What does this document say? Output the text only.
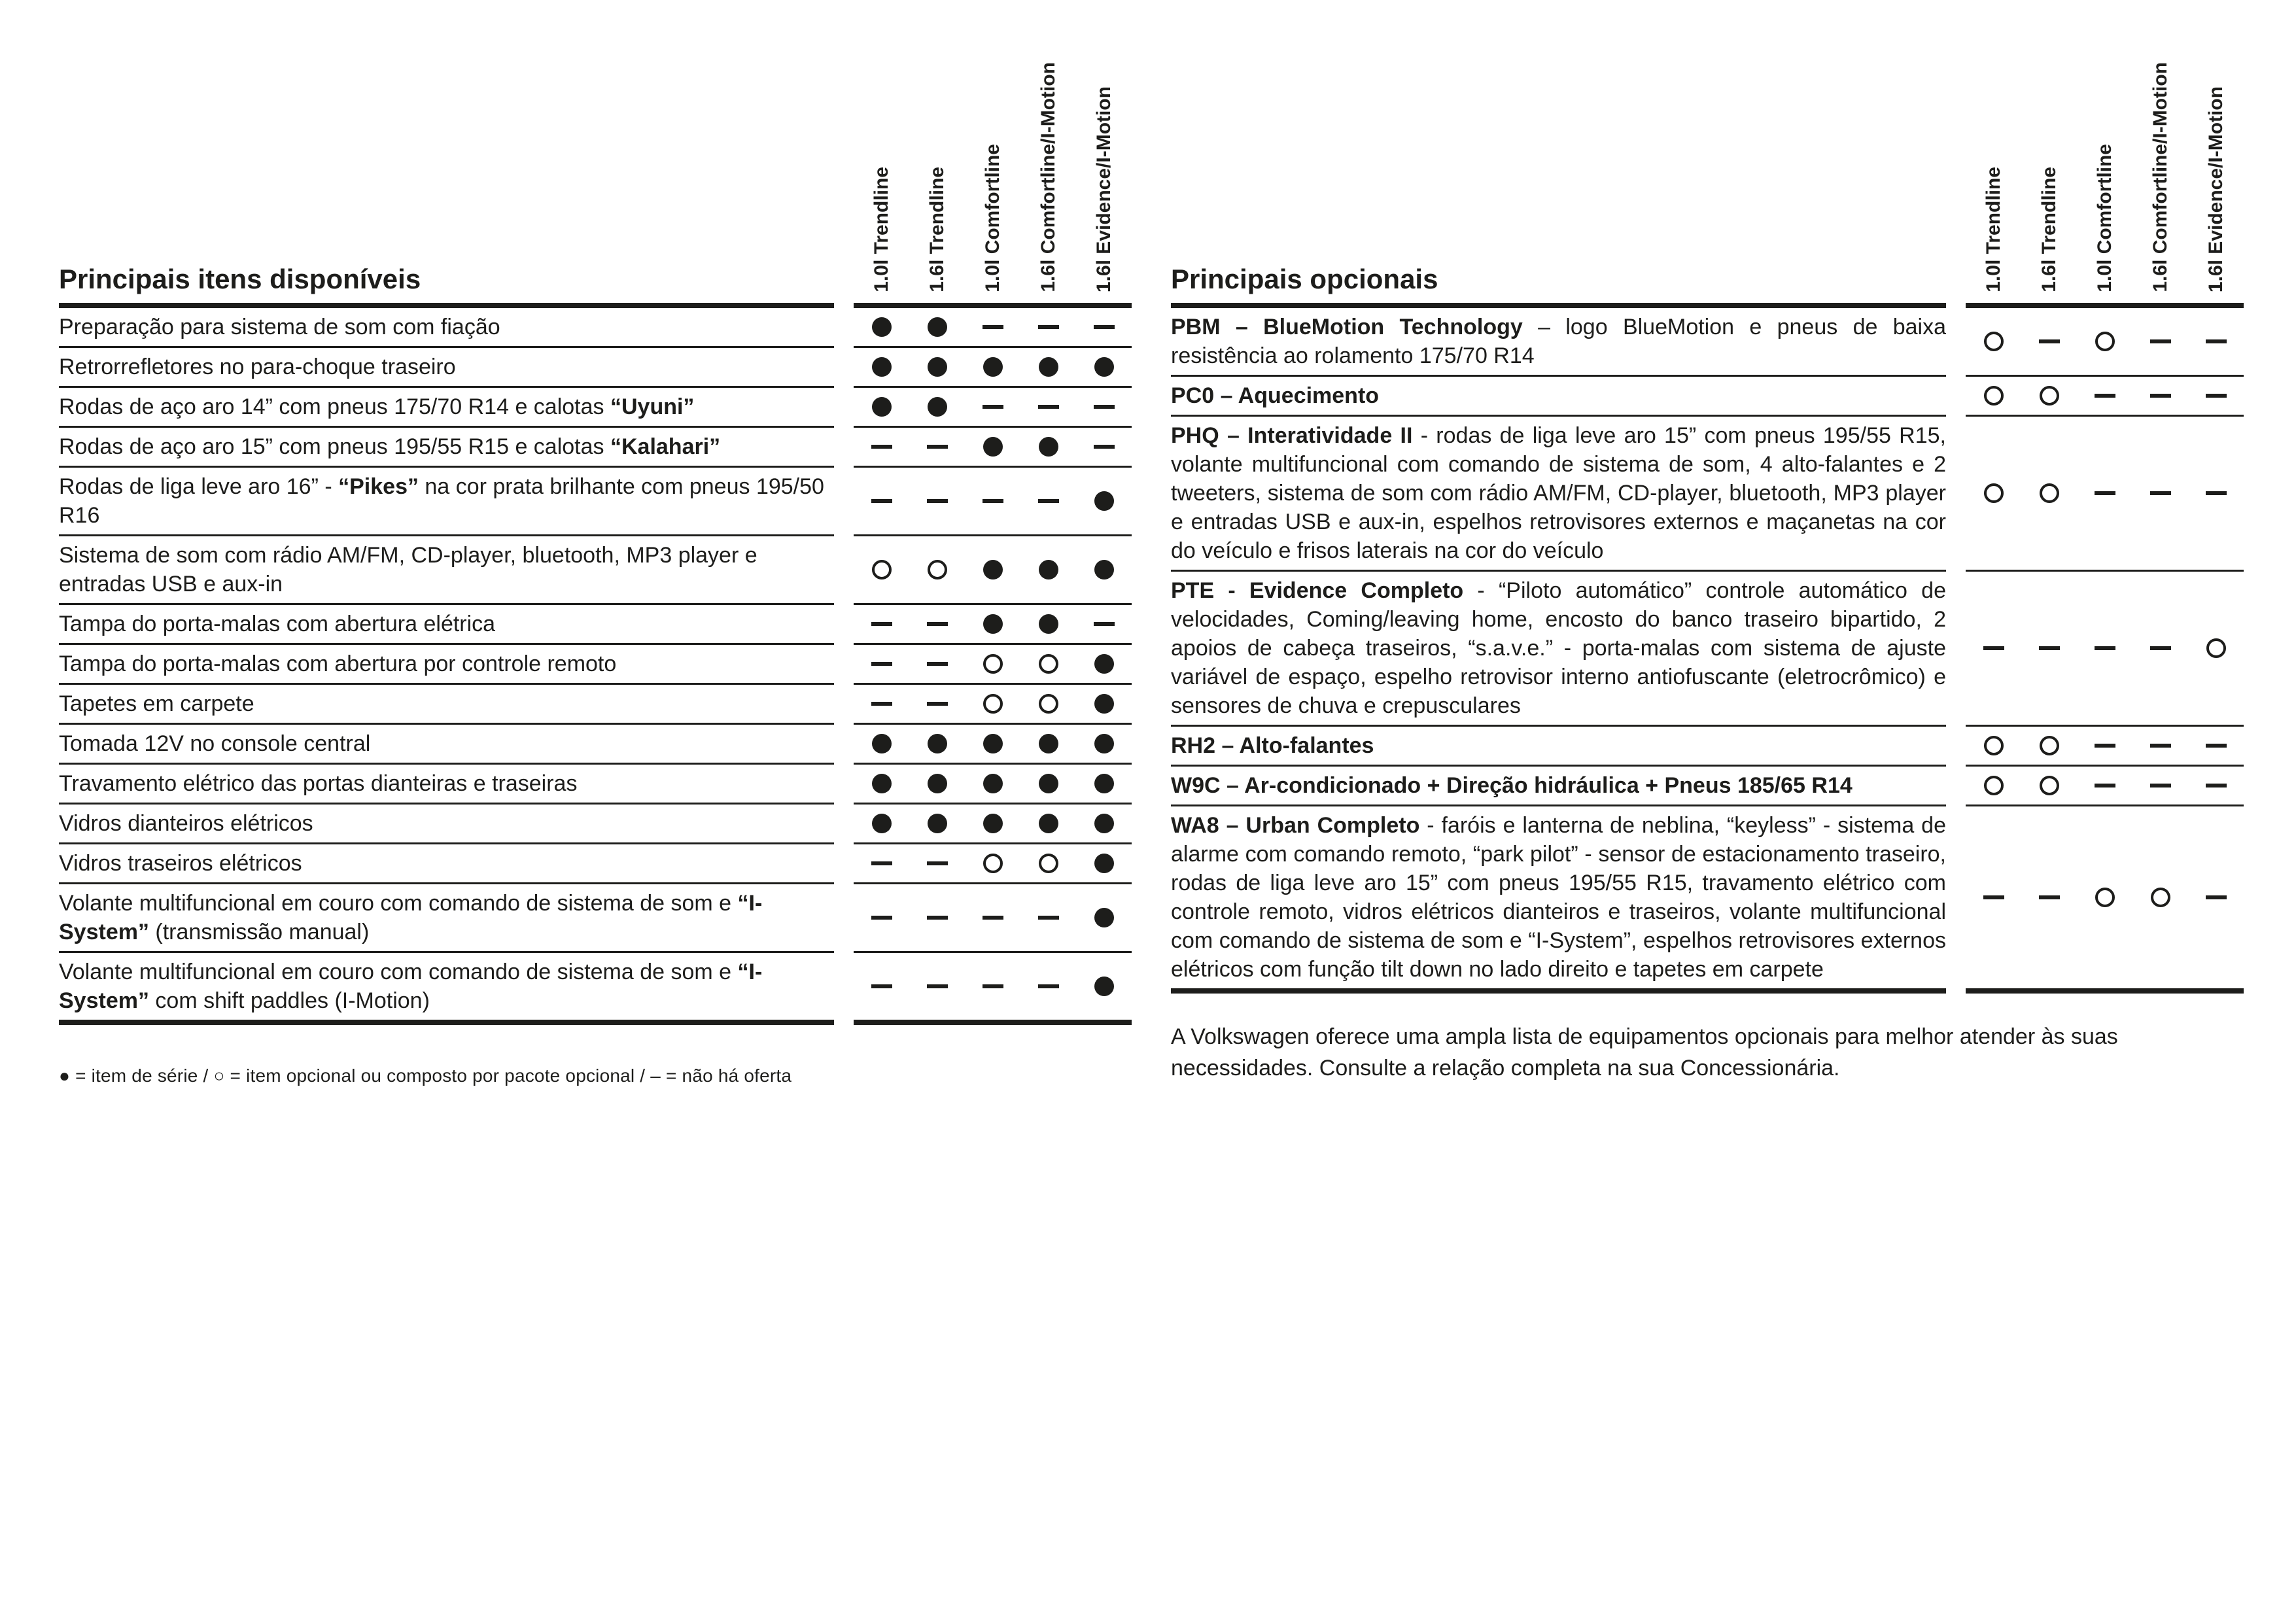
Principais itens disponíveis	1.0l Trendline 1.6l Trendline 1.0l Comfortline 1.6l Comfortline/I-Motion 1.6l Evidence/I-Motion
Preparação para sistema de som com fiação
Retrorrefletores no para-choque traseiro
Rodas de aço aro 14” com pneus 175/70 R14 e calotas “Uyuni”
Rodas de aço aro 15” com pneus 195/55 R15 e calotas “Kalahari”
Rodas de liga leve aro 16” - “Pikes” na cor prata brilhante com pneus 195/50 R16
Sistema de som com rádio AM/FM, CD-player, bluetooth, MP3 player e entradas USB e aux-in
Tampa do porta-malas com abertura elétrica
Tampa do porta-malas com abertura por controle remoto
Tapetes em carpete
Tomada 12V no console central
Travamento elétrico das portas dianteiras e traseiras
Vidros dianteiros elétricos
Vidros traseiros elétricos
Volante multifuncional em couro com comando de sistema de som e “I-System” (transmissão manual)
Volante multifuncional em couro com comando de sistema de som e “I-System” com shift paddles (I-Motion)

● = item de série / ○ = item opcional ou composto por pacote opcional / – = não há oferta

Principais opcionais	1.0l Trendline 1.6l Trendline 1.0l Comfortline 1.6l Comfortline/I-Motion 1.6l Evidence/I-Motion
PBM – BlueMotion Technology – logo BlueMotion e pneus de baixa resistência ao rolamento 175/70 R14
PC0 – Aquecimento
PHQ – Interatividade II - rodas de liga leve aro 15” com pneus 195/55 R15, volante multifuncional com comando de sistema de som, 4 alto-falantes e 2 tweeters, sistema de som com rádio AM/FM, CD-player, bluetooth, MP3 player e entradas USB e aux-in, espelhos retrovisores externos e maçanetas na cor do veículo e frisos laterais na cor do veículo
PTE - Evidence Completo - “Piloto automático” controle automático de velocidades, Coming/leaving home, encosto do banco traseiro bipartido, 2 apoios de cabeça traseiros, “s.a.v.e.” - porta-malas com sistema de ajuste variável de espaço, espelho retrovisor interno antiofuscante (eletrocrômico) e sensores de chuva e crepusculares
RH2 – Alto-falantes
W9C – Ar-condicionado + Direção hidráulica + Pneus 185/65 R14
WA8 – Urban Completo - faróis e lanterna de neblina, “keyless” - sistema de alarme com comando remoto, “park pilot” - sensor de estacionamento traseiro, rodas de liga leve aro 15” com pneus 195/55 R15, travamento elétrico com controle remoto, vidros elétricos dianteiros e traseiros, volante multifuncional com comando de sistema de som e “I-System”, espelhos retrovisores externos elétricos com função tilt down no lado direito e tapetes em carpete

A Volkswagen oferece uma ampla lista de equipamentos opcionais para melhor atender às suas necessidades. Consulte a relação completa na sua Concessionária.
